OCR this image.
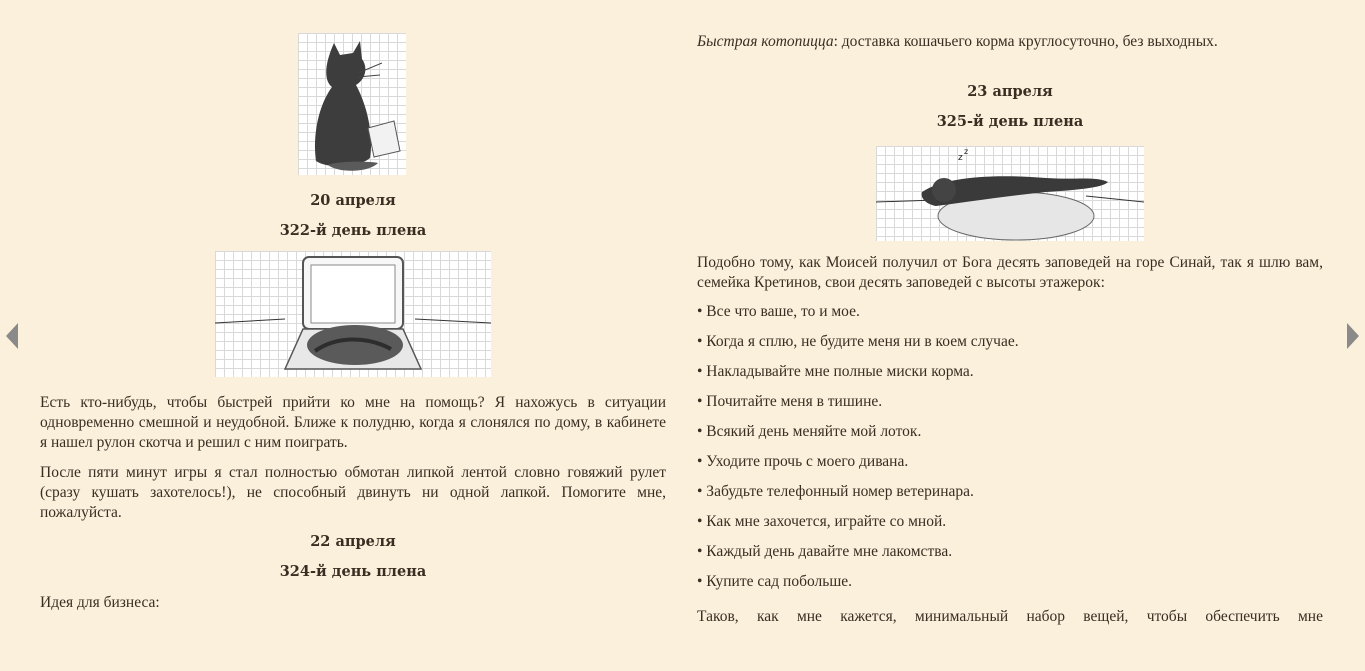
20 апреля
322-й день плена

Есть кто-нибудь, чтобы быстрей прийти ко мне на помощь? Я нахожусь в ситуации одновременно смешной и неудобной. Ближе к полудню, когда я слонялся по дому, в кабинете я нашел рулон скотча и решил с ним поиграть.

После пяти минут игры я стал полностью обмотан липкой лентой словно говяжий рулет (сразу кушать захотелось!), не способный двинуть ни одной лапкой. Помогите мне, пожалуйста.

22 апреля
324-й день плена

Идея для бизнеса:

Быстрая котопицца: доставка кошачьего корма круглосуточно, без выходных.

23 апреля
325-й день плена
z
z

Подобно тому, как Моисей получил от Бога десять заповедей на горе Синай, так я шлю вам, семейка Кретинов, свои десять заповедей с высоты этажерок:

• Все что ваше, то и мое.

• Когда я сплю, не будите меня ни в коем случае.

• Накладывайте мне полные миски корма.

• Почитайте меня в тишине.

• Всякий день меняйте мой лоток.

• Уходите прочь с моего дивана.

• Забудьте телефонный номер ветеринара.

• Как мне захочется, играйте со мной.

• Каждый день давайте мне лакомства.

• Купите сад побольше.

Таков, как мне кажется, минимальный набор вещей, чтобы обеспечить мне
